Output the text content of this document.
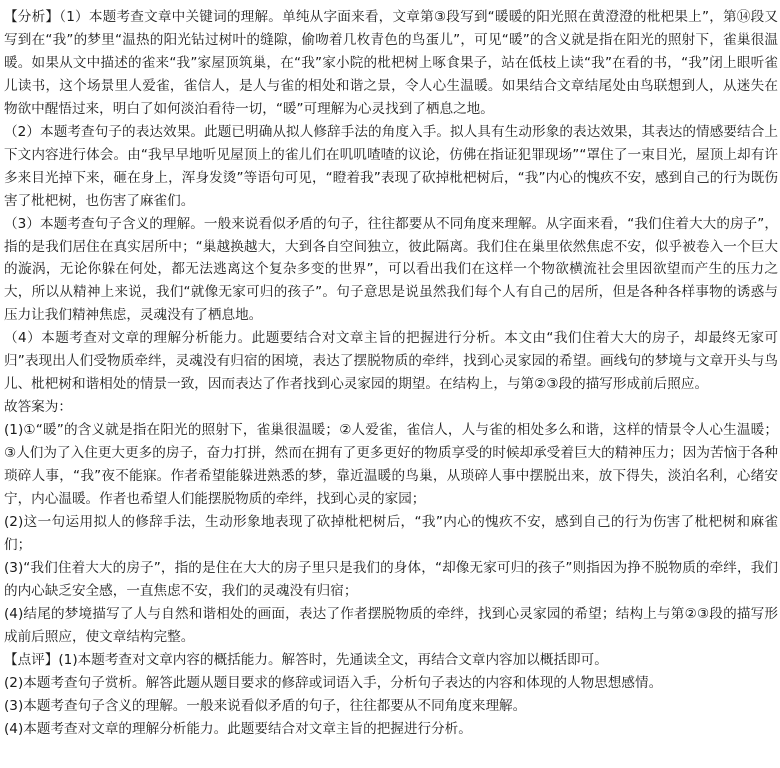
【分析】（1）本题考查文章中关键词的理解。单纯从字面来看，文章第③段写到“暖暖的阳光照在黄澄澄的枇杷果上”，第⑭段又写到在“我”的梦里“温热的阳光钻过树叶的缝隙，偷吻着几枚青色的鸟蛋儿”，可见“暖”的含义就是指在阳光的照射下，雀巢很温暖。如果从文中描述的雀来“我”家屋顶筑巢，在“我”家小院的枇杷树上啄食果子，站在低枝上读“我”在看的书，“我”闭上眼听雀儿读书，这个场景里人爱雀，雀信人，是人与雀的相处和谐之景，令人心生温暖。如果结合文章结尾处由鸟联想到人，从迷失在物欲中醒悟过来，明白了如何淡泊看待一切，“暖”可理解为心灵找到了栖息之地。

（2）本题考查句子的表达效果。此题已明确从拟人修辞手法的角度入手。拟人具有生动形象的表达效果，其表达的情感要结合上下文内容进行体会。由“我早早地听见屋顶上的雀儿们在叽叽喳喳的议论，仿佛在指证犯罪现场”“罩住了一束目光，屋顶上却有许多来目光掉下来，砸在身上，浑身发烫”等语句可见，“瞪着我”表现了砍掉枇杷树后，“我”内心的愧疚不安，感到自己的行为既伤害了枇杷树，也伤害了麻雀们。

（3）本题考查句子含义的理解。一般来说看似矛盾的句子，往往都要从不同角度来理解。从字面来看，“我们住着大大的房子”，指的是我们居住在真实居所中；“巢越换越大，大到各自空间独立，彼此隔离。我们住在巢里依然焦虑不安，似乎被卷入一个巨大的漩涡，无论你躲在何处，都无法逃离这个复杂多变的世界”，可以看出我们在这样一个物欲横流社会里因欲望而产生的压力之大，所以从精神上来说，我们“就像无家可归的孩子”。句子意思是说虽然我们每个人有自己的居所，但是各种各样事物的诱惑与压力让我们精神焦虑，灵魂没有了栖息地。

（4）本题考查对文章的理解分析能力。此题要结合对文章主旨的把握进行分析。本文由“我们住着大大的房子，却最终无家可归”表现出人们受物质牵绊，灵魂没有归宿的困境，表达了摆脱物质的牵绊，找到心灵家园的希望。画线句的梦境与文章开头与鸟儿、枇杷树和谐相处的情景一致，因而表达了作者找到心灵家园的期望。在结构上，与第②③段的描写形成前后照应。

故答案为：

(1)①“暖”的含义就是指在阳光的照射下，雀巢很温暖；②人爱雀，雀信人，人与雀的相处多么和谐，这样的情景令人心生温暖；③人们为了入住更大更多的房子，奋力打拼，然而在拥有了更多更好的物质享受的时候却承受着巨大的精神压力；因为苦恼于各种琐碎人事，“我”夜不能寐。作者希望能躲进熟悉的梦，靠近温暖的鸟巢，从琐碎人事中摆脱出来，放下得失，淡泊名利，心绪安宁，内心温暖。作者也希望人们能摆脱物质的牵绊，找到心灵的家园；

(2)这一句运用拟人的修辞手法，生动形象地表现了砍掉枇杷树后，“我”内心的愧疚不安，感到自己的行为伤害了枇杷树和麻雀们；

(3)“我们住着大大的房子”，指的是住在大大的房子里只是我们的身体，“却像无家可归的孩子”则指因为挣不脱物质的牵绊，我们的内心缺乏安全感，一直焦虑不安，我们的灵魂没有归宿；

(4)结尾的梦境描写了人与自然和谐相处的画面，表达了作者摆脱物质的牵绊，找到心灵家园的希望；结构上与第②③段的描写形成前后照应，使文章结构完整。

【点评】(1)本题考查对文章内容的概括能力。解答时，先通读全文，再结合文章内容加以概括即可。

(2)本题考查句子赏析。解答此题从题目要求的修辞或词语入手，分析句子表达的内容和体现的人物思想感情。

(3)本题考查句子含义的理解。一般来说看似矛盾的句子，往往都要从不同角度来理解。

(4)本题考查对文章的理解分析能力。此题要结合对文章主旨的把握进行分析。
